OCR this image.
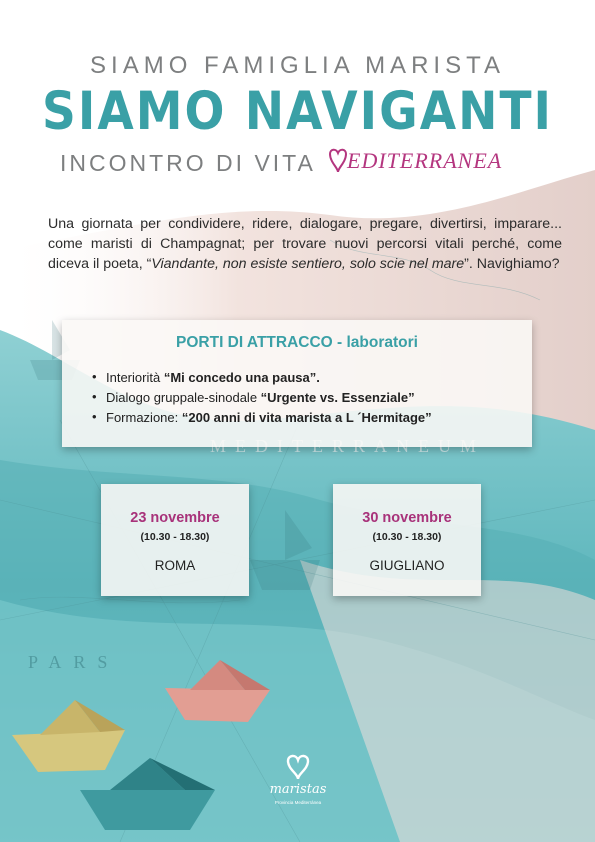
PARS
SIAMO FAMIGLIA MARISTA
SIAMO NAVIGANTI
INCONTRO DI VITA	EDITERRANEA
Una giornata per condividere, ridere, dialogare, pregare, divertirsi, imparare... come maristi di Champagnat; per trovare nuovi percorsi vitali perché, come diceva il poeta, “Viandante, non esiste sentiero, solo scie nel mare”. Navighiamo?
PORTI DI ATTRACCO - laboratori
• Interiorità “Mi concedo una pausa”.
• Dialogo gruppale-sinodale “Urgente vs. Essenziale”
• Formazione: “200 anni di vita marista a L ´Hermitage”
23 novembre
(10.30 - 18.30)
ROMA
30 novembre
(10.30 - 18.30)
GIUGLIANO
maristas
Provincia Mediterránea
